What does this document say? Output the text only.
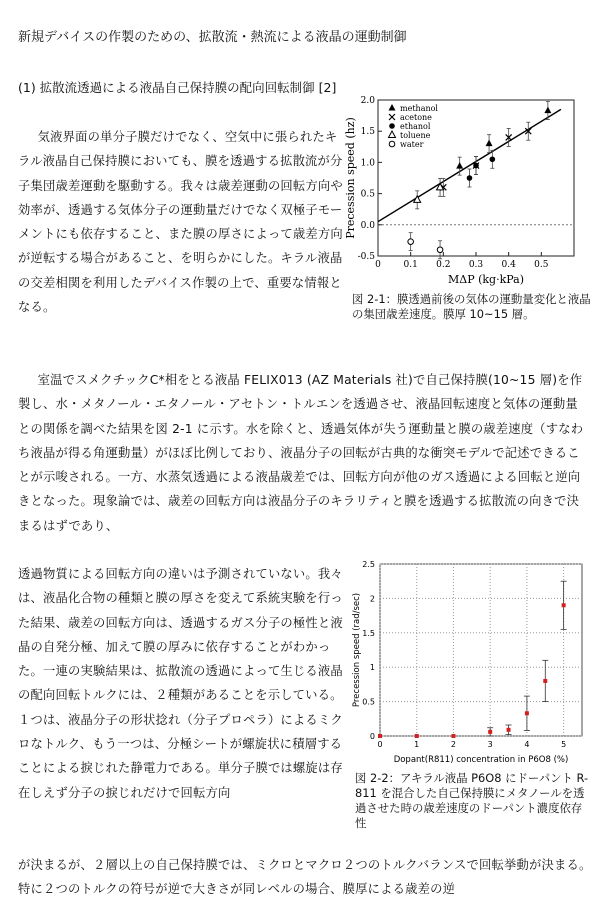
新規デバイスの作製のための、拡散流・熱流による液晶の運動制御
(1) 拡散流透過による液晶自己保持膜の配向回転制御 [2]
気液界面の単分子膜だけでなく、空気中に張られたキラル液晶自己保持膜においても、膜を透過する拡散流が分子集団歳差運動を駆動する。我々は歳差運動の回転方向や効率が、透過する気体分子の運動量だけでなく双極子モーメントにも依存すること、また膜の厚さによって歳差方向が逆転する場合があること、を明らかにした。キラル液晶の交差相関を利用したデバイス作製の上で、重要な情報となる。
室温でスメクチックC*相をとる液晶 FELIX013 (AZ Materials 社)で自己保持膜(10~15 層)を作製し、水・メタノール・エタノール・アセトン・トルエンを透過させ、液晶回転速度と気体の運動量との関係を調べた結果を図 2-1 に示す。水を除くと、透過気体が失う運動量と膜の歳差速度（すなわち液晶が得る角運動量）がほぼ比例しており、液晶分子の回転が古典的な衝突モデルで記述できることが示唆される。一方、水蒸気透過による液晶歳差では、回転方向が他のガス透過による回転と逆向きとなった。現象論では、歳差の回転方向は液晶分子のキラリティと膜を透過する拡散流の向きで決まるはずであり、
透過物質による回転方向の違いは予測されていない。我々は、液晶化合物の種類と膜の厚さを変えて系統実験を行った結果、歳差の回転方向は、透過するガス分子の極性と液晶の自発分極、加えて膜の厚みに依存することがわかった。一連の実験結果は、拡散流の透過によって生じる液晶の配向回転トルクには、２種類があることを示している。１つは、液晶分子の形状捻れ（分子プロペラ）によるミクロなトルク、もう一つは、分極シートが螺旋状に積層することによる捩じれた静電力である。単分子膜では螺旋は存在しえず分子の捩じれだけで回転方向
が決まるが、２層以上の自己保持膜では、ミクロとマクロ２つのトルクバランスで回転挙動が決まる。特に２つのトルクの符号が逆で大きさが同レベルの場合、膜厚による歳差の逆
-0.5
0.0
0.5
1.0
1.5
2.0
0	0.1 0.2 0.3 0.4 0.5
MΔP (kg·kPa)
Precession speed (hz)
methanol
acetone
ethanol
toluene
water
図 2-1：膜透過前後の気体の運動量変化と液晶の集団歳差速度。膜厚 10~15 層。
0
0.5
1
1.5
2
2.5
0	1	2	3	4	5
Dopant(R811) concentration in P6O8 (%)
Precession speed (rad/sec)
図 2-2：アキラル液晶 P6O8 にドーパント R-811 を混合した自己保持膜にメタノールを透過させた時の歳差速度のドーパント濃度依存性
